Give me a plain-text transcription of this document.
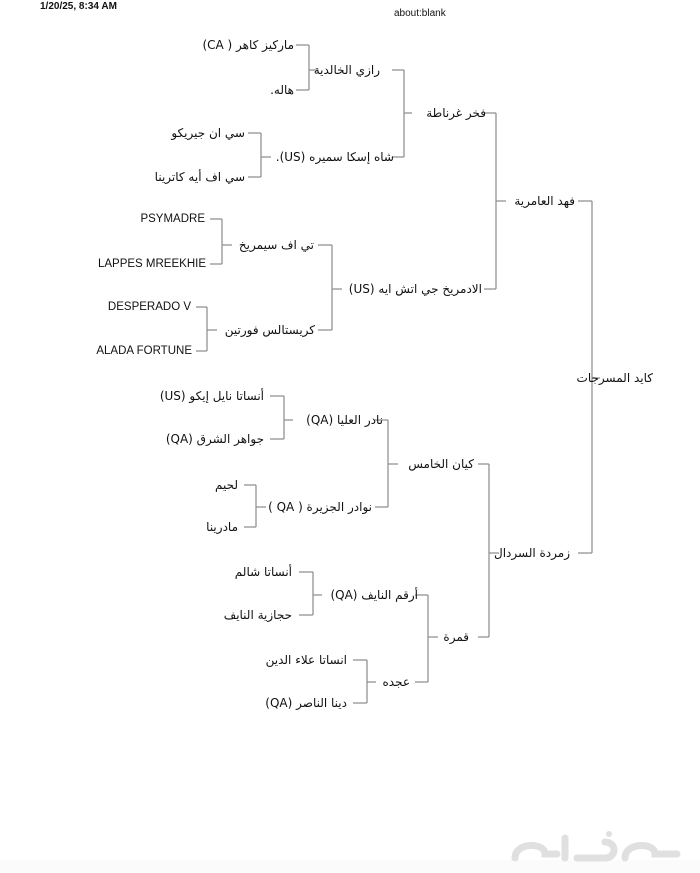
1/20/25, 8:34 AM
about:blank
كايد المسرجات
فهد العامرية
زمردة السردال
فخر غرناطة
الادمريخ جي اتش ايه (US)
كيان الخامس
قمرة
رازي الخالدية
شاه إسكا سميره (US).
تي اف سيمريخ
كريستالس فورتين
نادر العليا (QA)
نوادر الجزيرة ( QA )
أرقم النايف (QA)
عجده
ماركيز كاهر ( CA)
هاله.
سي ان جيريكو
سي اف أيه كاترينا
PSYMADRE
LAPPES MREEKHIE
DESPERADO V
ALADA FORTUNE
أنساتا نايل إيكو (US)
جواهر الشرق (QA)
لحيم
مادرينا
أنساتا شالم
حجازية النايف
انساتا علاء الدين
دينا الناصر (QA)
